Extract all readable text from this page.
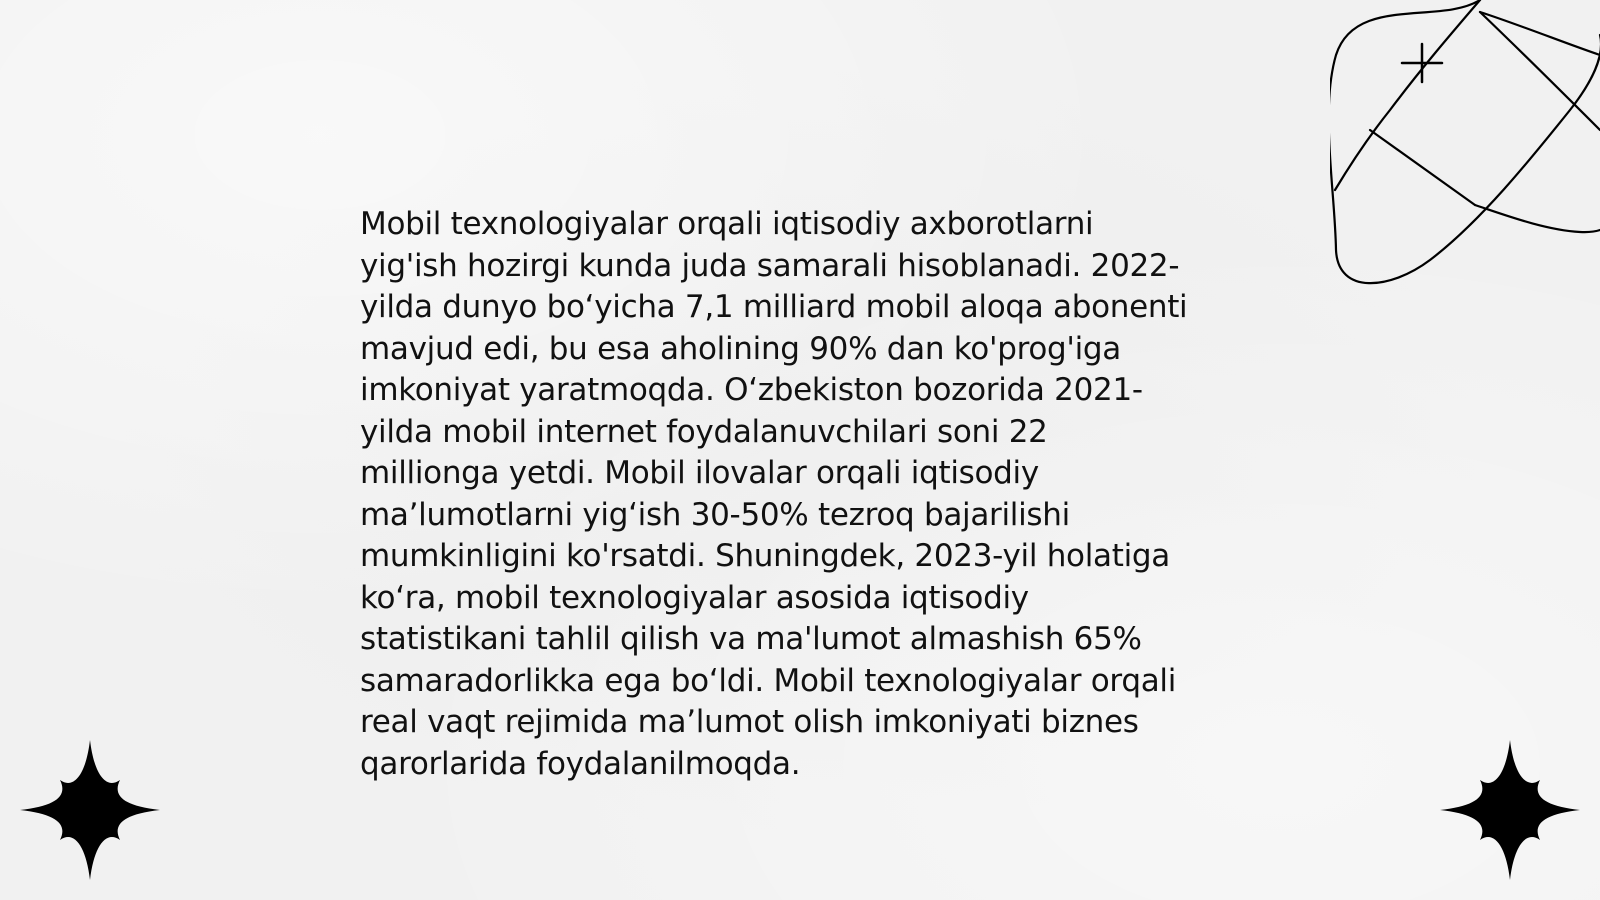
Mobil texnologiyalar orqali iqtisodiy axborotlarni
yig'ish hozirgi kunda juda samarali hisoblanadi. 2022-
yilda dunyo bo‘yicha 7,1 milliard mobil aloqa abonenti
mavjud edi, bu esa aholining 90% dan ko'prog'iga
imkoniyat yaratmoqda. O‘zbekiston bozorida 2021-
yilda mobil internet foydalanuvchilari soni 22
millionga yetdi. Mobil ilovalar orqali iqtisodiy
ma’lumotlarni yig‘ish 30-50% tezroq bajarilishi
mumkinligini ko'rsatdi. Shuningdek, 2023-yil holatiga
ko‘ra, mobil texnologiyalar asosida iqtisodiy
statistikani tahlil qilish va ma'lumot almashish 65%
samaradorlikka ega bo‘ldi. Mobil texnologiyalar orqali
real vaqt rejimida ma’lumot olish imkoniyati biznes
qarorlarida foydalanilmoqda.
